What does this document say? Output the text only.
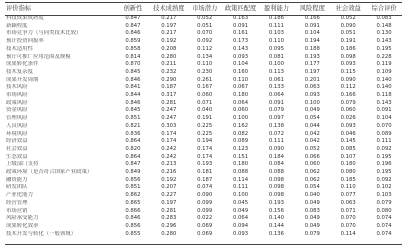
评价指标	创新性	技术成熟度	市场潜力	政策匹配度	盈利能力	风险程度	社会效益	综合评价
科技成果成熟度	0.847	0.217	0.052	0.163	0.186	0.166	0.052	0.083
新颖程度	0.847	0.197	0.051	0.091	0.111	0.091	0.090	0.148
市场竞争力（与同类技术比较）	0.846	0.217	0.070	0.161	0.103	0.104	0.051	0.130
预计投资回报率	0.859	0.192	0.092	0.173	0.110	0.194	0.191	0.143
技术适用性	0.858	0.208	0.112	0.143	0.095	0.188	0.186	0.195
预计可推广应用范围及规模	0.814	0.280	0.134	0.093	0.081	0.193	0.098	0.228
成果转化条件	0.870	0.211	0.110	0.104	0.100	0.177	0.093	0.119
技术复杂度	0.845	0.232	0.230	0.160	0.113	0.197	0.115	0.109
成果开发周期	0.846	0.290	0.261	0.110	0.061	0.201	0.090	0.140
技术风险	0.841	0.187	0.167	0.067	0.133	0.063	0.112	0.140
市场风险	0.844	0.317	0.060	0.180	0.064	0.093	0.166	0.118
政策风险	0.846	0.281	0.071	0.064	0.091	0.100	0.079	0.143
资金风险	0.845	0.247	0.040	0.060	0.079	0.049	0.060	0.091
管理风险	0.851	0.247	0.191	0.100	0.097	0.054	0.026	0.104
人员风险	0.821	0.303	0.225	0.162	0.138	0.044	0.093	0.070
环境风险	0.836	0.174	0.225	0.082	0.072	0.042	0.046	0.089
经济效益	0.864	0.174	0.194	0.089	0.111	0.042	0.145	0.111
社会效益	0.820	0.242	0.174	0.123	0.090	0.052	0.085	0.092
生态效益	0.864	0.242	0.174	0.151	0.184	0.066	0.107	0.195
上级部门支持	0.847	0.213	0.193	0.180	0.084	0.060	0.180	0.196
政策环境（是否符合国家产业政策）	0.849	0.216	0.181	0.088	0.088	0.062	0.080	0.195
融资能力	0.856	0.192	0.187	0.114	0.098	0.062	0.185	0.092
研发团队	0.851	0.207	0.074	0.111	0.098	0.054	0.110	0.102
产业化能力	0.862	0.227	0.090	0.100	0.098	0.040	0.077	0.103
经营管理	0.865	0.197	0.099	0.045	0.193	0.049	0.063	0.079
市场营销	0.866	0.281	0.099	0.049	0.156	0.083	0.071	0.080
风险承受能力	0.846	0.283	0.022	0.064	0.140	0.049	0.070	0.074
成果转化效率	0.856	0.296	0.069	0.094	0.144	0.049	0.070	0.074
技术开发与转化（一般领域）	0.855	0.280	0.069	0.093	0.136	0.079	0.114	0.074
